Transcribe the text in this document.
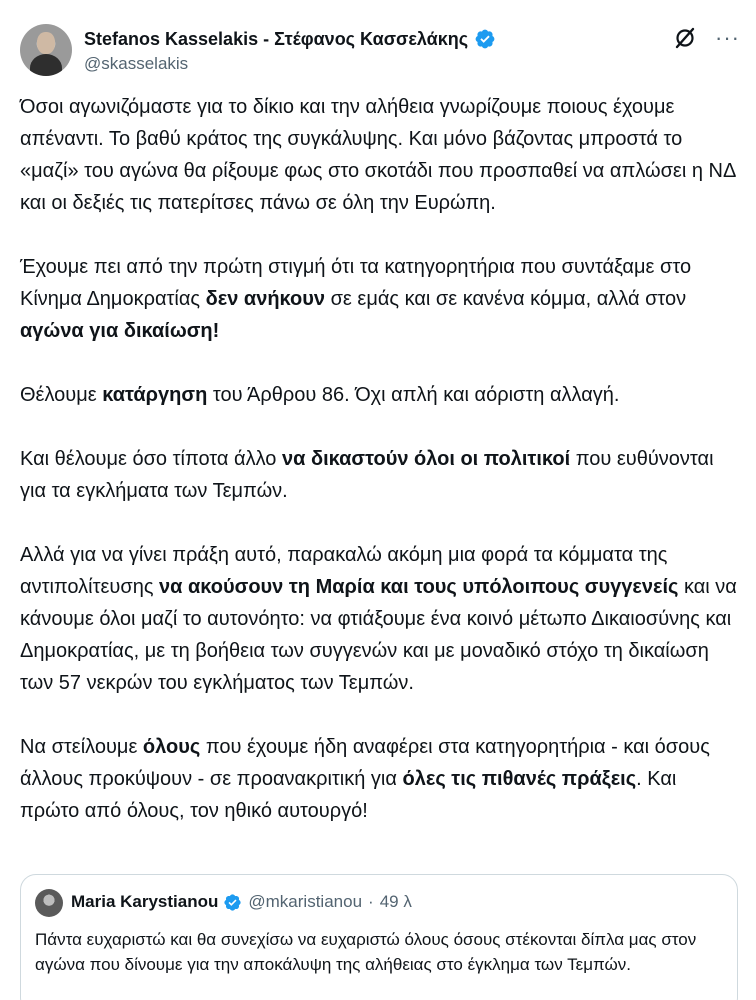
Stefanos Kasselakis - Στέφανος Κασσελάκης
@skasselakis
···

Όσοι αγωνιζόμαστε για το δίκιο και την αλήθεια γνωρίζουμε ποιους έχουμε απέναντι. Το βαθύ κράτος της συγκάλυψης. Και μόνο βάζοντας μπροστά το «μαζί» του αγώνα θα ρίξουμε φως στο σκοτάδι που προσπαθεί να απλώσει η ΝΔ και οι δεξιές τις πατερίτσες πάνω σε όλη την Ευρώπη.

Έχουμε πει από την πρώτη στιγμή ότι τα κατηγορητήρια που συντάξαμε στο Κίνημα Δημοκρατίας δεν ανήκουν σε εμάς και σε κανένα κόμμα, αλλά στον αγώνα για δικαίωση!

Θέλουμε κατάργηση του Άρθρου 86. Όχι απλή και αόριστη αλλαγή.

Και θέλουμε όσο τίποτα άλλο να δικαστούν όλοι οι πολιτικοί που ευθύνονται για τα εγκλήματα των Τεμπών.

Αλλά για να γίνει πράξη αυτό, παρακαλώ ακόμη μια φορά τα κόμματα της αντιπολίτευσης να ακούσουν τη Μαρία και τους υπόλοιπους συγγενείς και να κάνουμε όλοι μαζί το αυτονόητο: να φτιάξουμε ένα κοινό μέτωπο Δικαιοσύνης και Δημοκρατίας, με τη βοήθεια των συγγενών και με μοναδικό στόχο τη δικαίωση των 57 νεκρών του εγκλήματος των Τεμπών.

Να στείλουμε όλους που έχουμε ήδη αναφέρει στα κατηγορητήρια - και όσους άλλους προκύψουν - σε προανακριτική για όλες τις πιθανές πράξεις. Και πρώτο από όλους, τον ηθικό αυτουργό!

Maria Karystianou @mkaristianou · 49 λ
Πάντα ευχαριστώ και θα συνεχίσω να ευχαριστώ όλους όσους στέκονται δίπλα μας στον αγώνα που δίνουμε για την αποκάλυψη της αλήθειας στο έγκλημα των Τεμπών.
